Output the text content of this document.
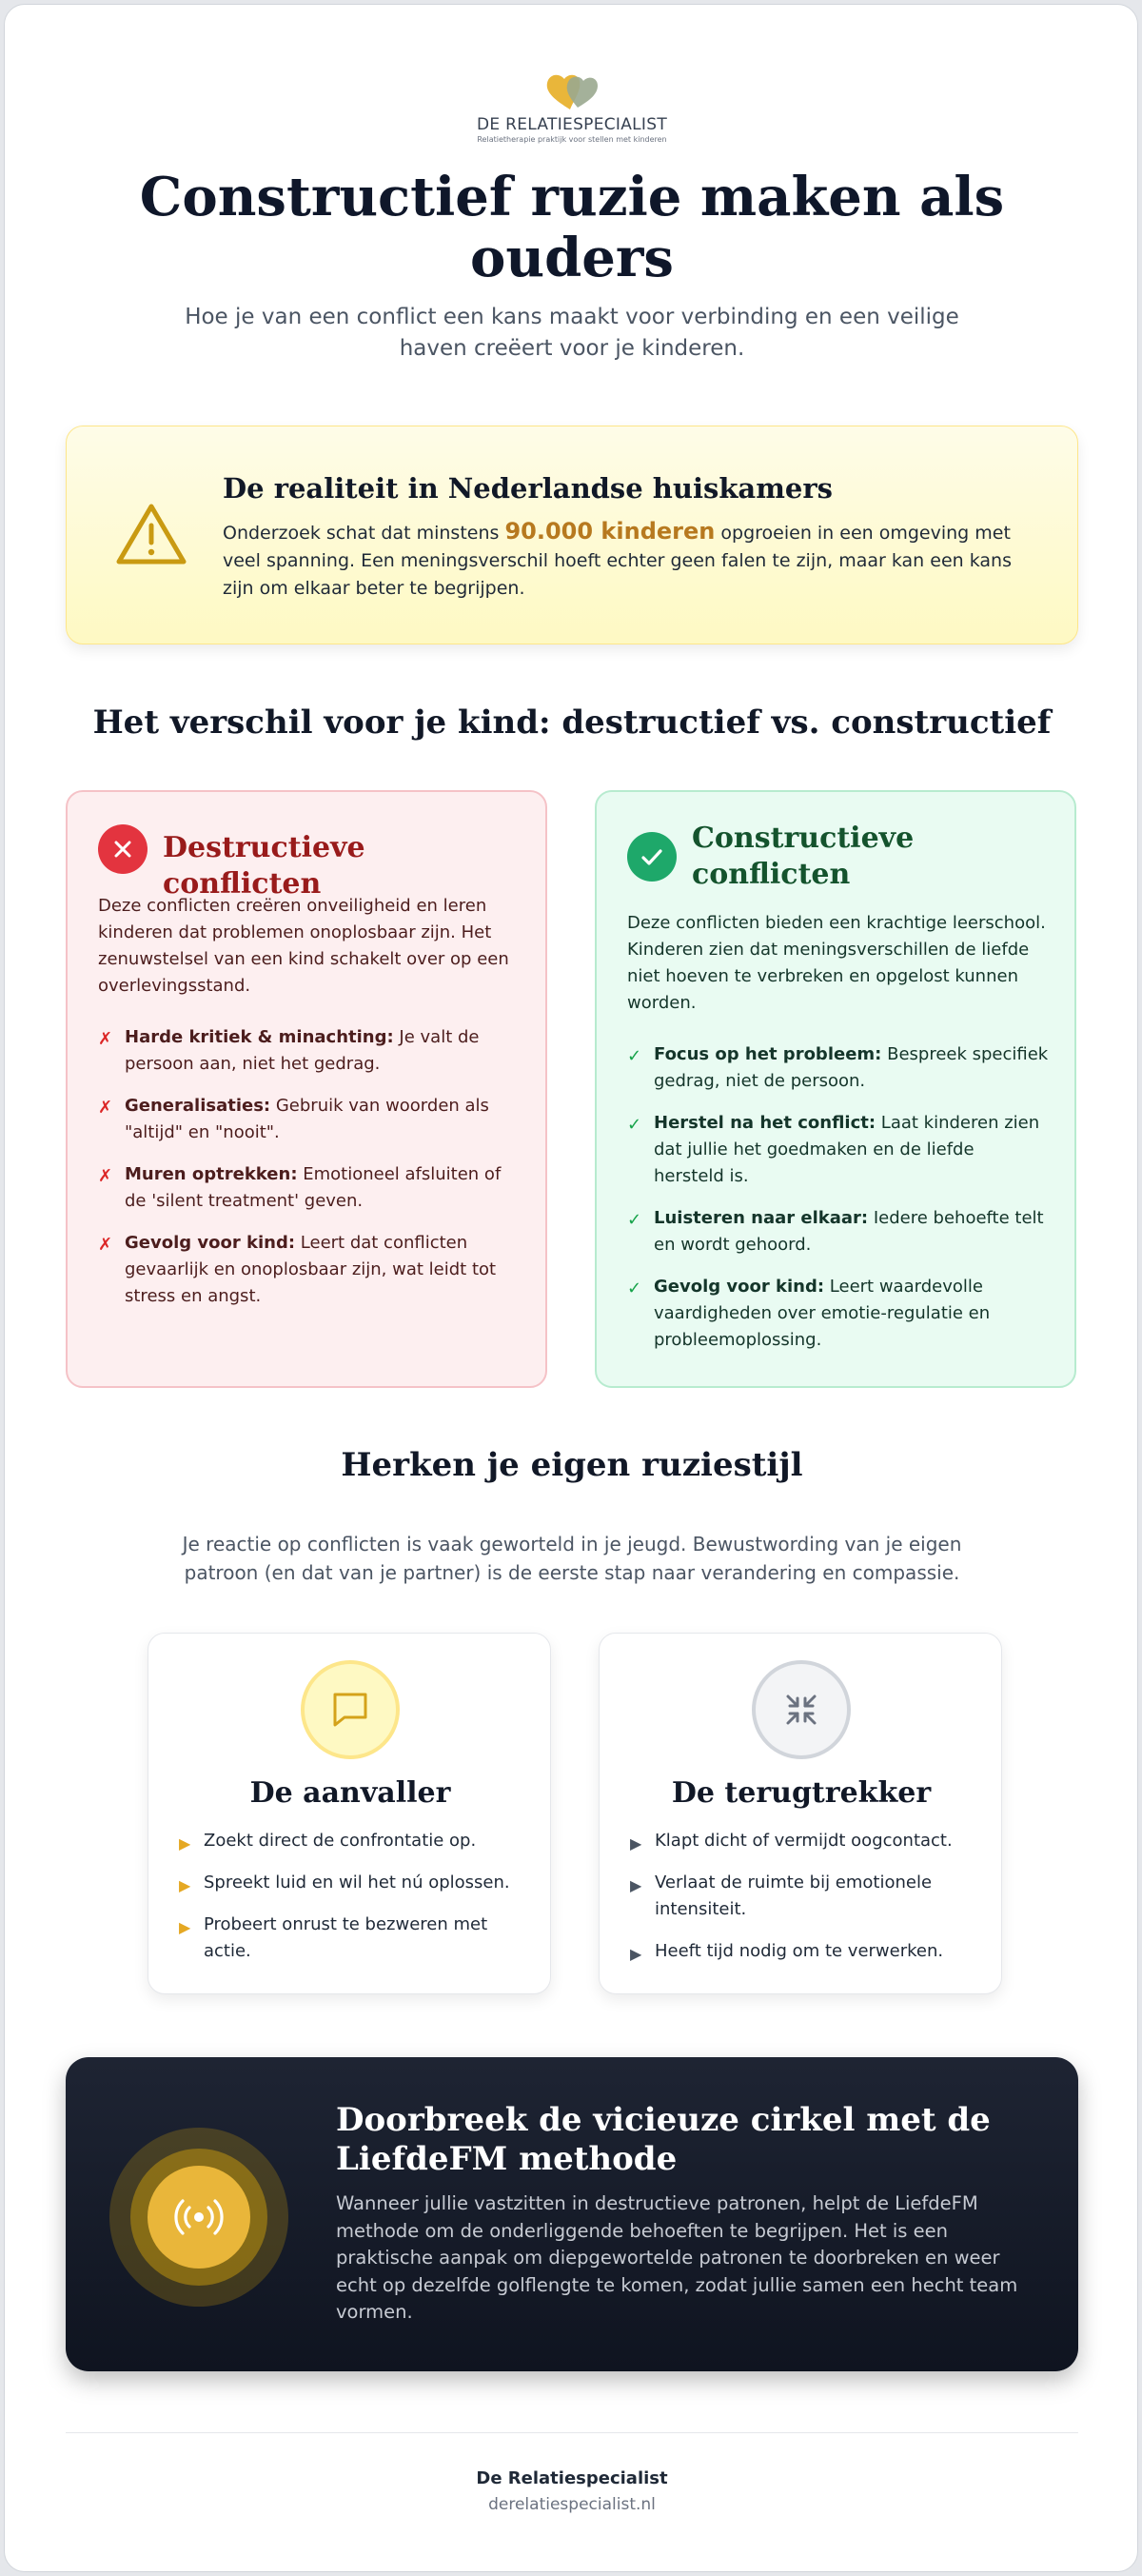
DE RELATIESPECIALIST
Relatietherapie praktijk voor stellen met kinderen
Constructief ruzie maken als ouders

Hoe je van een conflict een kans maakt voor verbinding en een veilige haven creëert voor je kinderen.

De realiteit in Nederlandse huiskamers

Onderzoek schat dat minstens 90.000 kinderen opgroeien in een omgeving met veel spanning. Een meningsverschil hoeft echter geen falen te zijn, maar kan een kans zijn om elkaar beter te begrijpen.

Het verschil voor je kind: destructief vs. constructief
Destructieve conflicten

Deze conflicten creëren onveiligheid en leren kinderen dat problemen onoplosbaar zijn. Het zenuwstelsel van een kind schakelt over op een overlevingsstand.

✗ Harde kritiek & minachting: Je valt de persoon aan, niet het gedrag.
✗ Generalisaties: Gebruik van woorden als "altijd" en "nooit".
✗ Muren optrekken: Emotioneel afsluiten of de 'silent treatment' geven.
✗ Gevolg voor kind: Leert dat conflicten gevaarlijk en onoplosbaar zijn, wat leidt tot stress en angst.
Constructieve conflicten

Deze conflicten bieden een krachtige leerschool. Kinderen zien dat meningsverschillen de liefde niet hoeven te verbreken en opgelost kunnen worden.

✓ Focus op het probleem: Bespreek specifiek gedrag, niet de persoon.
✓ Herstel na het conflict: Laat kinderen zien dat jullie het goedmaken en de liefde hersteld is.
✓ Luisteren naar elkaar: Iedere behoefte telt en wordt gehoord.
✓ Gevolg voor kind: Leert waardevolle vaardigheden over emotie-regulatie en probleemoplossing.
Herken je eigen ruziestijl

Je reactie op conflicten is vaak geworteld in je jeugd. Bewustwording van je eigen patroon (en dat van je partner) is de eerste stap naar verandering en compassie.

De aanvaller
▶ Zoekt direct de confrontatie op.
▶ Spreekt luid en wil het nú oplossen.
▶ Probeert onrust te bezweren met actie.
De terugtrekker
▶ Klapt dicht of vermijdt oogcontact.
▶ Verlaat de ruimte bij emotionele intensiteit.
▶ Heeft tijd nodig om te verwerken.
Doorbreek de vicieuze cirkel met de LiefdeFM methode

Wanneer jullie vastzitten in destructieve patronen, helpt de LiefdeFM methode om de onderliggende behoeften te begrijpen. Het is een praktische aanpak om diepgewortelde patronen te doorbreken en weer echt op dezelfde golflengte te komen, zodat jullie samen een hecht team vormen.

De Relatiespecialist
derelatiespecialist.nl
